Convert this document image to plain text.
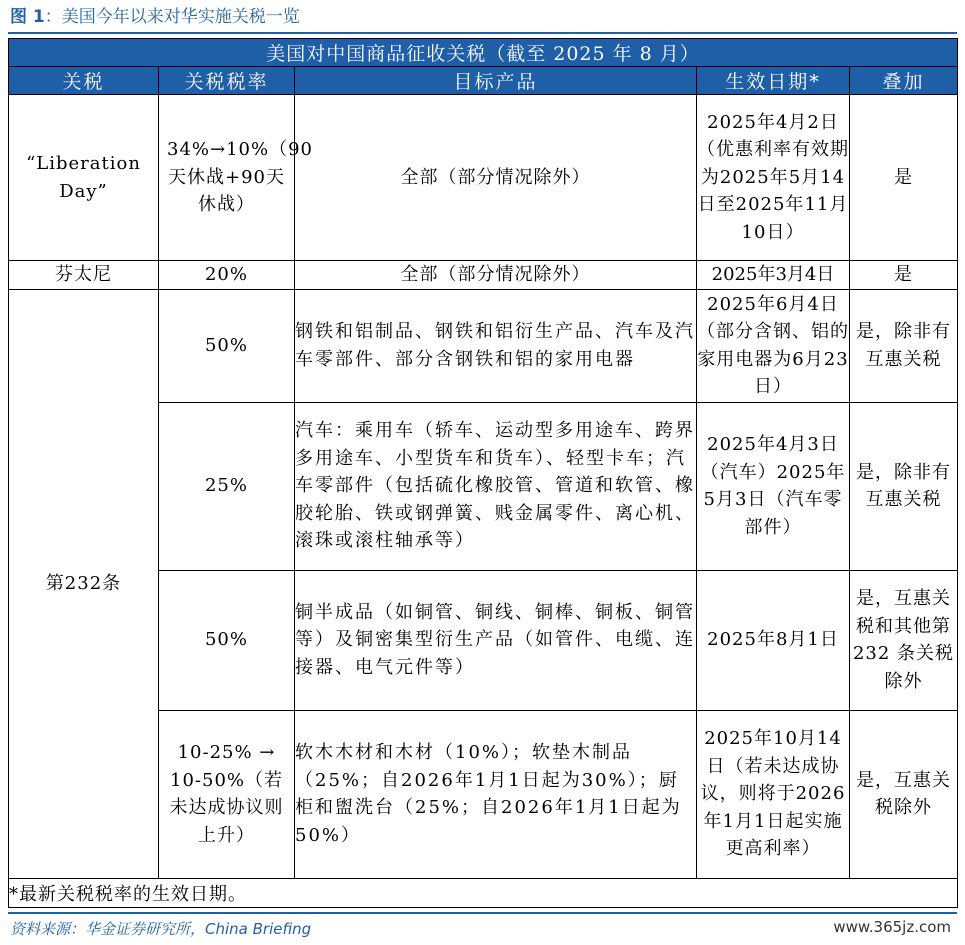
图 1：美国今年以来对华实施关税一览
美国对中国商品征收关税（截至 2025 年 8 月）				
关税	关税税率	目标产品	生效日期*	叠加
“Liberation Day”	34%→10%（90天休战+90天休战）	全部（部分情况除外）	2025年4月2日（优惠利率有效期为2025年5月14日至2025年11月10日）	是
芬太尼	20%	全部（部分情况除外）	2025年3月4日	是
第232条	50%	钢铁和铝制品、钢铁和铝衍生产品、汽车及汽车零部件、部分含钢铁和铝的家用电器	2025年6月4日（部分含钢、铝的家用电器为6月23日）	是，除非有互惠关税
	25%	汽车：乘用车（轿车、运动型多用途车、跨界多用途车、小型货车和货车）、轻型卡车；汽车零部件（包括硫化橡胶管、管道和软管、橡胶轮胎、铁或钢弹簧、贱金属零件、离心机、滚珠或滚柱轴承等）	2025年4月3日（汽车）2025年5月3日（汽车零部件）	是，除非有互惠关税
	50%	铜半成品（如铜管、铜线、铜棒、铜板、铜管等）及铜密集型衍生产品（如管件、电缆、连接器、电气元件等）	2025年8月1日	是，互惠关税和其他第 232 条关税除外
	10-25% → 10-50%（若未达成协议则上升）	软木木材和木材（10%）；软垫木制品（25%；自2026年1月1日起为30%）；厨柜和盥洗台（25%；自2026年1月1日起为50%）	2025年10月14日（若未达成协议，则将于2026年1月1日起实施更高利率）	是，互惠关税除外
*最新关税税率的生效日期。				
资料来源：华金证券研究所，China Briefing	www.365jz.com
